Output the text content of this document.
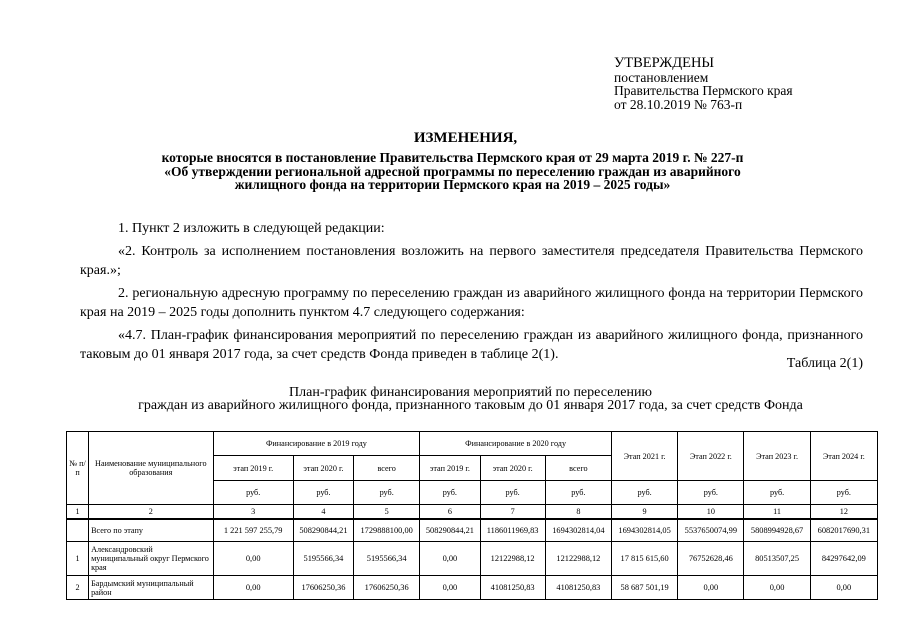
УТВЕРЖДЕНЫ
постановлением
Правительства Пермского края
от 28.10.2019 № 763-п
ИЗМЕНЕНИЯ,
которые вносятся в постановление Правительства Пермского края от 29 марта 2019 г. № 227-п
«Об утверждении региональной адресной программы по переселению граждан из аварийного
жилищного фонда на территории Пермского края на 2019 – 2025 годы»

1. Пункт 2 изложить в следующей редакции:

«2. Контроль за исполнением постановления возложить на первого заместителя председателя Правительства Пермского края.»;

2. региональную адресную программу по переселению граждан из аварийного жилищного фонда на территории Пермского края на 2019 – 2025 годы дополнить пунктом 4.7 следующего содержания:

«4.7. План-график финансирования мероприятий по переселению граждан из аварийного жилищного фонда, признанного таковым до 01 января 2017 года, за счет средств Фонда приведен в таблице 2(1).

Таблица 2(1)
План-график финансирования мероприятий по переселению
граждан из аварийного жилищного фонда, признанного таковым до 01 января 2017 года, за счет средств Фонда
№ п/п	Наименование муниципального образования	Финансирование в 2019 году			Финансирование в 2020 году			Этап 2021 г.	Этап 2022 г.	Этап 2023 г.	Этап 2024 г.
		этап 2019 г.	этап 2020 г.	всего	этап 2019 г.	этап 2020 г.	всего				
		руб.	руб.	руб.	руб.	руб.	руб.	руб.	руб.	руб.	руб.
1	2	3	4	5	6	7	8	9	10	11	12
	Всего по этапу	1 221 597 255,79	508290844,21	1729888100,00	508290844,21	1186011969,83	1694302814,04	1694302814,05	5537650074,99	5808994928,67	6082017690,31
1	Александровский муниципальный округ Пермского края	0,00	5195566,34	5195566,34	0,00	12122988,12	12122988,12	17 815 615,60	76752628,46	80513507,25	84297642,09
2	Бардымский муниципальный район	0,00	17606250,36	17606250,36	0,00	41081250,83	41081250,83	58 687 501,19	0,00	0,00	0,00
